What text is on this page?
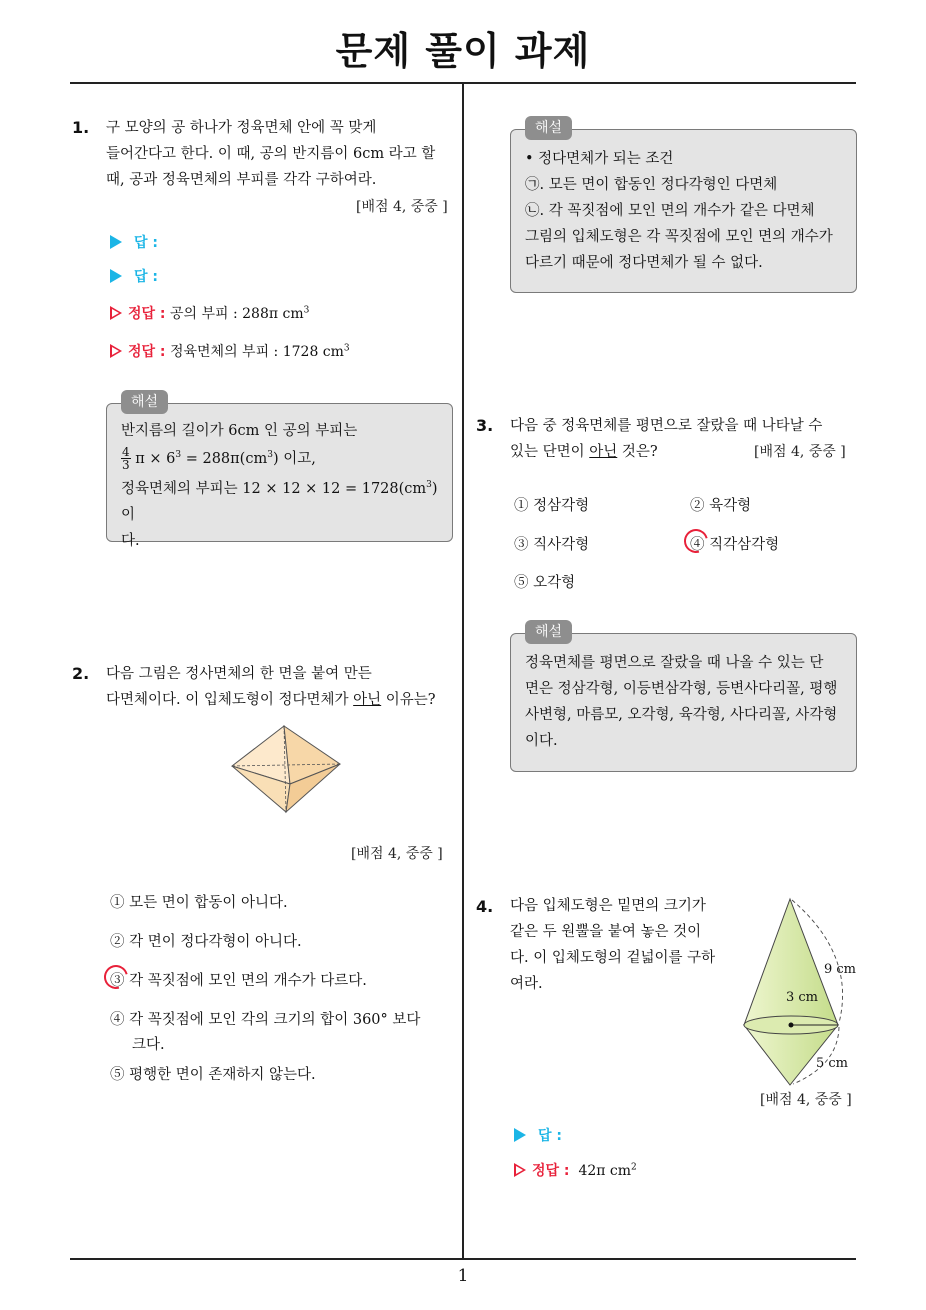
문제 풀이 과제
1. 구 모양의 공 하나가 정육면체 안에 꼭 맞게
들어간다고 한다. 이 때, 공의 반지름이 6cm 라고 할
때, 공과 정육면체의 부피를 각각 구하여라.
[배점 4, 중중 ]
답 :
답 :
정답 : 공의 부피 : 288π $cm^3$
정답 : 정육면체의 부피 : 1728 $cm^3$
해설
반지름의 길이가 6cm 인 공의 부피는
$\frac{4}{3}$ $\pi \times 6^3 = 288\pi(cm^3)$ 이고,
정육면체의 부피는 $12 \times 12 \times 12 = 1728(cm^3)$ 이
다.
2. 다음 그림은 정사면체의 한 면을 붙여 만든
다면체이다. 이 입체도형이 정다면체가 아닌 이유는?
[배점 4, 중중 ]
① 모든 면이 합동이 아니다.
② 각 면이 정다각형이 아니다.
③ 각 꼭짓점에 모인 면의 개수가 다르다.
④ 각 꼭짓점에 모인 각의 크기의 합이 360° 보다
크다.
⑤ 평행한 면이 존재하지 않는다.
해설
• 정다면체가 되는 조건
㉠. 모든 면이 합동인 정다각형인 다면체
㉡. 각 꼭짓점에 모인 면의 개수가 같은 다면체
그림의 입체도형은 각 꼭짓점에 모인 면의 개수가
다르기 때문에 정다면체가 될 수 없다.
3. 다음 중 정육면체를 평면으로 잘랐을 때 나타날 수
있는 단면이 아닌 것은?	[배점 4, 중중 ]
① 정삼각형	② 육각형
③ 직사각형	④ 직각삼각형
⑤ 오각형
해설
정육면체를 평면으로 잘랐을 때 나올 수 있는 단
면은 정삼각형, 이등변삼각형, 등변사다리꼴, 평행
사변형, 마름모, 오각형, 육각형, 사다리꼴, 사각형
이다.
4. 다음 입체도형은 밑면의 크기가
같은 두 원뿔을 붙여 놓은 것이
다. 이 입체도형의 겉넓이를 구하
여라.
9 cm
3 cm
5 cm
[배점 4, 중중 ]
답 :
정답 : 42π $cm^2$
1
